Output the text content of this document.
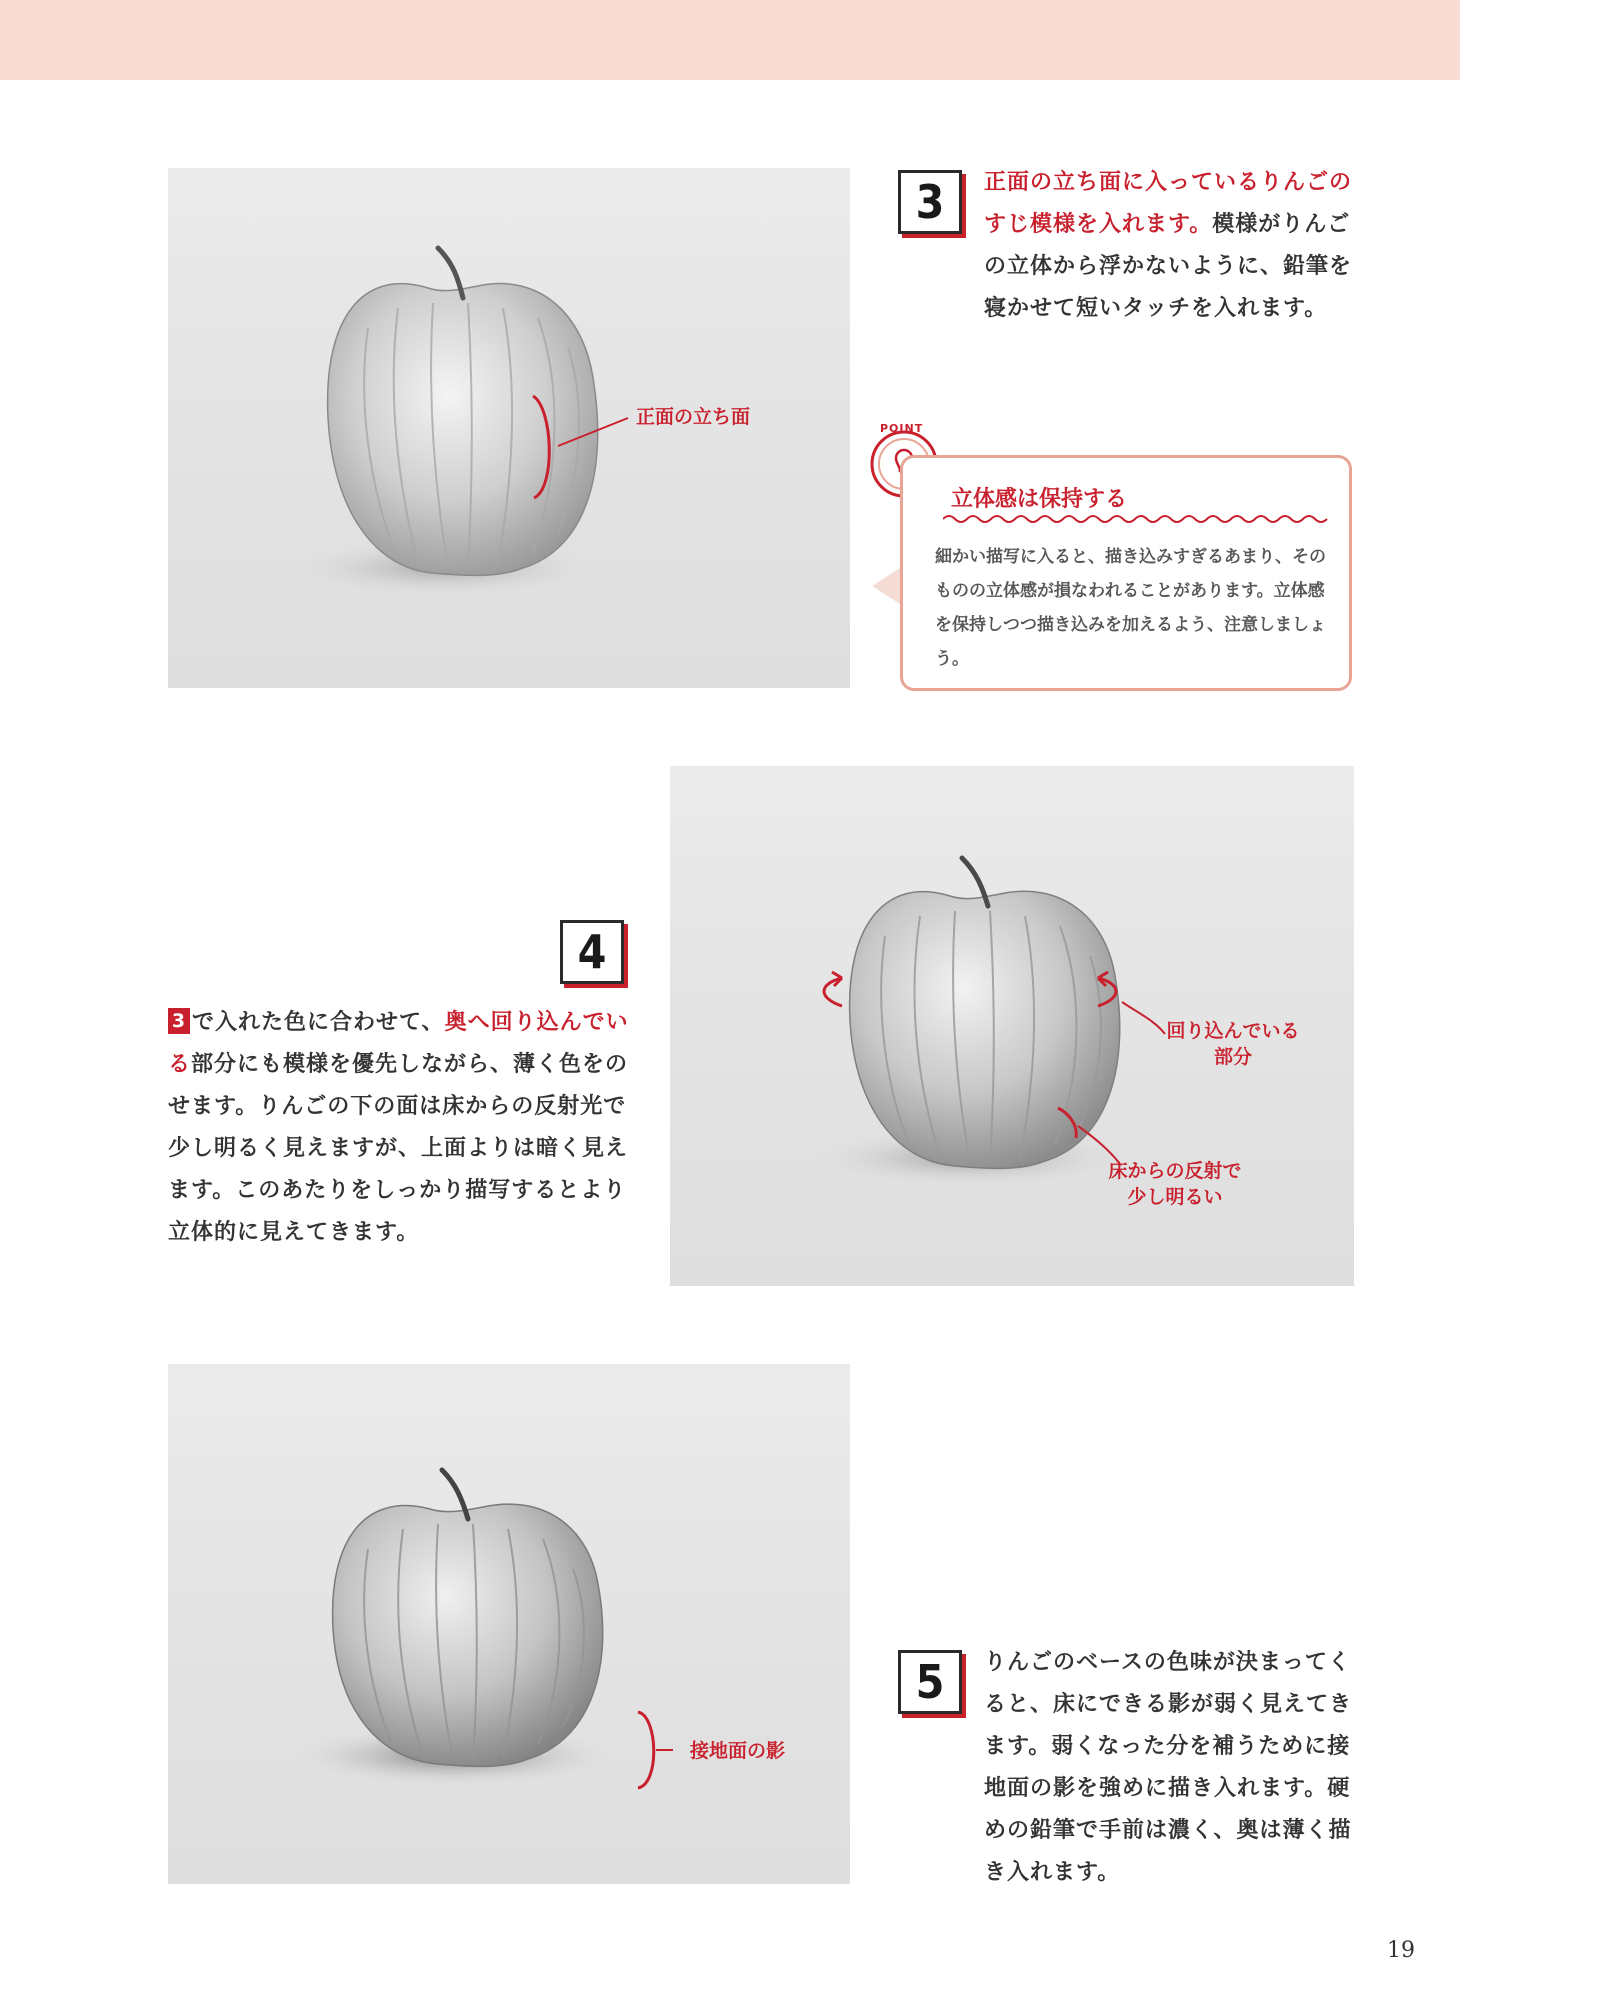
正面の立ち面
3	正面の立ち面に入っているりんごのすじ模様を入れます。模様がりんごの立体から浮かないように、鉛筆を寝かせて短いタッチを入れます。
POINT
立体感は保持する
細かい描写に入ると、描き込みすぎるあまり、そのものの立体感が損なわれることがあります。立体感を保持しつつ描き込みを加えるよう、注意しましょう。
回り込んでいる
部分
床からの反射で
少し明るい
4
3 で入れた色に合わせて、奥へ回り込んでいる部分にも模様を優先しながら、薄く色をのせます。りんごの下の面は床からの反射光で少し明るく見えますが、上面よりは暗く見えます。このあたりをしっかり描写するとより立体的に見えてきます。
接地面の影
5	りんごのベースの色味が決まってくると、床にできる影が弱く見えてきます。弱くなった分を補うために接地面の影を強めに描き入れます。硬めの鉛筆で手前は濃く、奥は薄く描き入れます。
19
